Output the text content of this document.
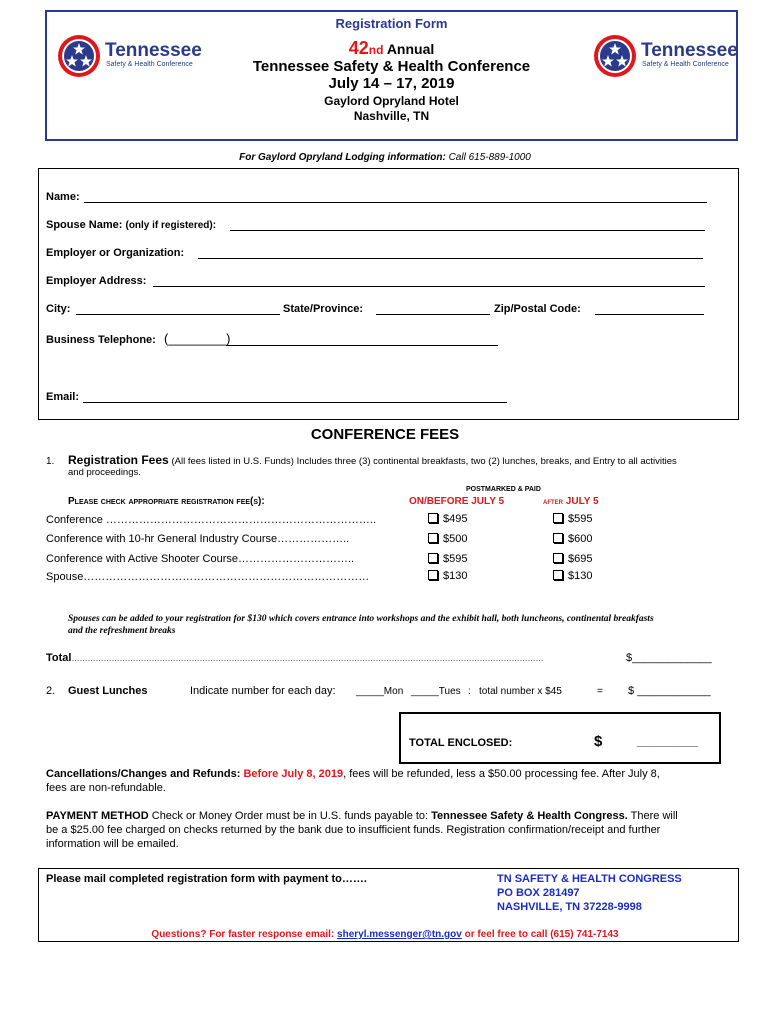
Registration Form
42nd Annual
Tennessee Safety & Health Conference
July 14 – 17, 2019
Gaylord Opryland Hotel
Nashville, TN
Tennessee
Safety & Health Conference
Tennessee
Safety & Health Conference
For Gaylord Opryland Lodging information: Call 615-889-1000
Name:
Spouse Name: (only if registered):
Employer or Organization:
Employer Address:
City:	State/Province:	Zip/Postal Code:
Business Telephone: (________)
Email:
CONFERENCE FEES
1. Registration Fees (All fees listed in U.S. Funds) Includes three (3) continental breakfasts, two (2) lunches, breaks, and Entry to all activities
and proceedings.
POSTMARKED & PAID
Please check appropriate registration fee(s):	ON/BEFORE JULY 5	after JULY 5
Conference ………………………………………………………………..	$495	$595
Conference with 10-hr General Industry Course………………..	$500	$600
Conference with Active Shooter Course…………………………..	$595	$695
Spouse……………………………………………………………………	$130	$130
Spouses can be added to your registration for $130 which covers entrance into workshops and the exhibit hall, both luncheons, continental breakfasts
and the refreshment breaks
Total……………………………………………………………………………………………………………………………………………………………	$_____________
2. Guest Lunches	Indicate number for each day: _____Mon _____Tues : total number x $45	= $ ____________
TOTAL ENCLOSED:	$	__________
Cancellations/Changes and Refunds: Before July 8, 2019, fees will be refunded, less a $50.00 processing fee. After July 8,
fees are non-refundable.
PAYMENT METHOD Check or Money Order must be in U.S. funds payable to: Tennessee Safety & Health Congress. There will
be a $25.00 fee charged on checks returned by the bank due to insufficient funds. Registration confirmation/receipt and further
information will be emailed.
Please mail completed registration form with payment to…….	TN SAFETY & HEALTH CONGRESS
PO BOX 281497
NASHVILLE, TN 37228-9998
Questions? For faster response email: sheryl.messenger@tn.gov or feel free to call (615) 741-7143
